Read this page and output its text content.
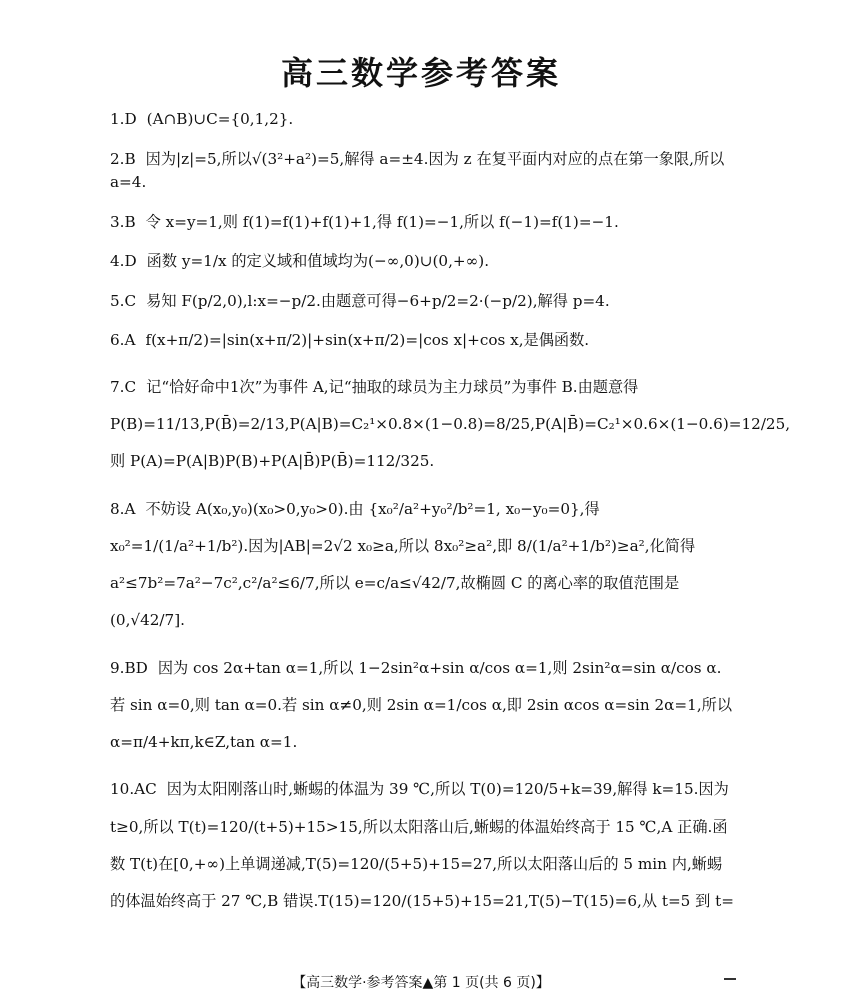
高三数学参考答案
1.D (A∩B)∪C={0,1,2}.
2.B 因为|z|=5,所以√(3²+a²)=5,解得 a=±4.因为 z 在复平面内对应的点在第一象限,所以 a=4.
3.B 令 x=y=1,则 f(1)=f(1)+f(1)+1,得 f(1)=−1,所以 f(−1)=f(1)=−1.
4.D 函数 y=1/x 的定义域和值域均为(−∞,0)∪(0,+∞).
5.C 易知 F(p/2,0),l:x=−p/2.由题意可得−6+p/2=2·(−p/2),解得 p=4.
6.A f(x+π/2)=|sin(x+π/2)|+sin(x+π/2)=|cos x|+cos x,是偶函数.
7.C 记“恰好命中1次”为事件 A,记“抽取的球员为主力球员”为事件 B.由题意得 P(B)=11/13,P(B̄)=2/13,P(A|B)=C₂¹×0.8×(1−0.8)=8/25,P(A|B̄)=C₂¹×0.6×(1−0.6)=12/25,则 P(A)=P(A|B)P(B)+P(A|B̄)P(B̄)=112/325.
8.A 不妨设 A(x₀,y₀)(x₀>0,y₀>0).由 {x₀²/a²+y₀²/b²=1, x₀−y₀=0},得 x₀²=1/(1/a²+1/b²).因为|AB|=2√2 x₀≥a,所以 8x₀²≥a²,即 8/(1/a²+1/b²)≥a²,化简得 a²≤7b²=7a²−7c²,c²/a²≤6/7,所以 e=c/a≤√42/7,故椭圆 C 的离心率的取值范围是(0,√42/7].
9.BD 因为 cos 2α+tan α=1,所以 1−2sin²α+sin α/cos α=1,则 2sin²α=sin α/cos α.若 sin α=0,则 tan α=0.若 sin α≠0,则 2sin α=1/cos α,即 2sin αcos α=sin 2α=1,所以 α=π/4+kπ,k∈Z,tan α=1.
10.AC 因为太阳刚落山时,蜥蜴的体温为 39 ℃,所以 T(0)=120/5+k=39,解得 k=15.因为 t≥0,所以 T(t)=120/(t+5)+15>15,所以太阳落山后,蜥蜴的体温始终高于 15 ℃,A 正确.函数 T(t)在[0,+∞)上单调递减,T(5)=120/(5+5)+15=27,所以太阳落山后的 5 min 内,蜥蜴的体温始终高于 27 ℃,B 错误.T(15)=120/(15+5)+15=21,T(5)−T(15)=6,从 t=5 到 t=
【高三数学·参考答案▲第 1 页(共 6 页)】
